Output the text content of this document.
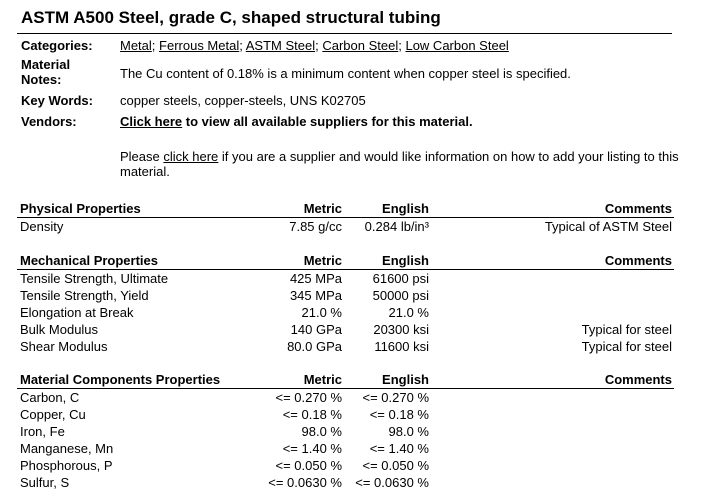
ASTM A500 Steel, grade C, shaped structural tubing
Categories: Metal; Ferrous Metal; ASTM Steel; Carbon Steel; Low Carbon Steel
Material
Notes:	The Cu content of 0.18% is a minimum content when copper steel is specified.
Key Words: copper steels, copper-steels, UNS K02705
Vendors:	Click here to view all available suppliers for this material.
Please click here if you are a supplier and would like information on how to add your listing to this material.
Physical Properties	Metric	English	Comments
Density	7.85 g/cc	0.284 lb/in³	Typical of ASTM Steel
Mechanical Properties	Metric	English	Comments
Tensile Strength, Ultimate	425 MPa	61600 psi	
Tensile Strength, Yield	345 MPa	50000 psi	
Elongation at Break	21.0 %	21.0 %	
Bulk Modulus	140 GPa	20300 ksi	Typical for steel
Shear Modulus	80.0 GPa	11600 ksi	Typical for steel
Material Components Properties	Metric	English	Comments
Carbon, C	<= 0.270 %	<= 0.270 %	
Copper, Cu	<= 0.18 %	<= 0.18 %	
Iron, Fe	98.0 %	98.0 %	
Manganese, Mn	<= 1.40 %	<= 1.40 %	
Phosphorous, P	<= 0.050 %	<= 0.050 %	
Sulfur, S	<= 0.0630 %	<= 0.0630 %	
